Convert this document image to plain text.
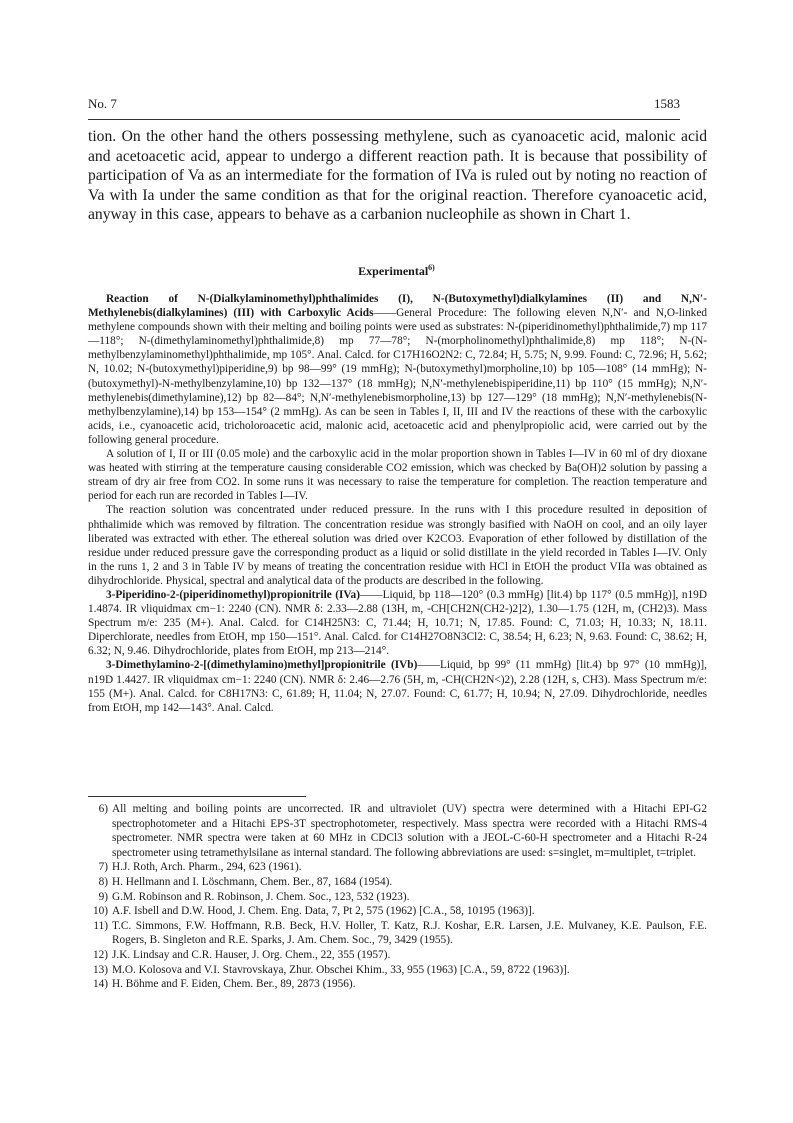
No. 7	1583

tion. On the other hand the others possessing methylene, such as cyanoacetic acid, malonic acid and acetoacetic acid, appear to undergo a different reaction path. It is because that possibility of participation of Va as an intermediate for the formation of IVa is ruled out by noting no reaction of Va with Ia under the same condition as that for the original reaction. Therefore cyanoacetic acid, anyway in this case, appears to behave as a carbanion nucleophile as shown in Chart 1.

Experimental$^{6)}$

Reaction of N-(Dialkylaminomethyl)phthalimides (I), N-(Butoxymethyl)dialkylamines (II) and N,N′-Methylenebis(dialkylamines) (III) with Carboxylic Acids——General Procedure: The following eleven N,N′- and N,O-linked methylene compounds shown with their melting and boiling points were used as substrates: N-(piperidinomethyl)phthalimide,7) mp 117—118°; N-(dimethylaminomethyl)phthalimide,8) mp 77—78°; N-(morpholinomethyl)phthalimide,8) mp 118°; N-(N-methylbenzylaminomethyl)phthalimide, mp 105°. Anal. Calcd. for C17H16O2N2: C, 72.84; H, 5.75; N, 9.99. Found: C, 72.96; H, 5.62; N, 10.02; N-(butoxymethyl)piperidine,9) bp 98—99° (19 mmHg); N-(butoxymethyl)morpholine,10) bp 105—108° (14 mmHg); N-(butoxymethyl)-N-methylbenzylamine,10) bp 132—137° (18 mmHg); N,N′-methylenebispiperidine,11) bp 110° (15 mmHg); N,N′-methylenebis(dimethylamine),12) bp 82—84°; N,N′-methylenebismorpholine,13) bp 127—129° (18 mmHg); N,N′-methylenebis(N-methylbenzylamine),14) bp 153—154° (2 mmHg). As can be seen in Tables I, II, III and IV the reactions of these with the carboxylic acids, i.e., cyanoacetic acid, tricholoroacetic acid, malonic acid, acetoacetic acid and phenylpropiolic acid, were carried out by the following general procedure.

A solution of I, II or III (0.05 mole) and the carboxylic acid in the molar proportion shown in Tables I—IV in 60 ml of dry dioxane was heated with stirring at the temperature causing considerable CO2 emission, which was checked by Ba(OH)2 solution by passing a stream of dry air free from CO2. In some runs it was necessary to raise the temperature for completion. The reaction temperature and period for each run are recorded in Tables I—IV.

The reaction solution was concentrated under reduced pressure. In the runs with I this procedure resulted in deposition of phthalimide which was removed by filtration. The concentration residue was strongly basified with NaOH on cool, and an oily layer liberated was extracted with ether. The ethereal solution was dried over K2CO3. Evaporation of ether followed by distillation of the residue under reduced pressure gave the corresponding product as a liquid or solid distillate in the yield recorded in Tables I—IV. Only in the runs 1, 2 and 3 in Table IV by means of treating the concentration residue with HCl in EtOH the product VIIa was obtained as dihydrochloride. Physical, spectral and analytical data of the products are described in the following.

3-Piperidino-2-(piperidinomethyl)propionitrile (IVa)——Liquid, bp 118—120° (0.3 mmHg) [lit.4) bp 117° (0.5 mmHg)], n19D 1.4874. IR νliquidmax cm−1: 2240 (CN). NMR δ: 2.33—2.88 (13H, m, -CH[CH2N(CH2-)2]2), 1.30—1.75 (12H, m, (CH2)3). Mass Spectrum m/e: 235 (M+). Anal. Calcd. for C14H25N3: C, 71.44; H, 10.71; N, 17.85. Found: C, 71.03; H, 10.33; N, 18.11. Diperchlorate, needles from EtOH, mp 150—151°. Anal. Calcd. for C14H27O8N3Cl2: C, 38.54; H, 6.23; N, 9.63. Found: C, 38.62; H, 6.32; N, 9.46. Dihydrochloride, plates from EtOH, mp 213—214°.

3-Dimethylamino-2-[(dimethylamino)methyl]propionitrile (IVb)——Liquid, bp 99° (11 mmHg) [lit.4) bp 97° (10 mmHg)], n19D 1.4427. IR νliquidmax cm−1: 2240 (CN). NMR δ: 2.46—2.76 (5H, m, -CH(CH2N<)2), 2.28 (12H, s, CH3). Mass Spectrum m/e: 155 (M+). Anal. Calcd. for C8H17N3: C, 61.89; H, 11.04; N, 27.07. Found: C, 61.77; H, 10.94; N, 27.09. Dihydrochloride, needles from EtOH, mp 142—143°. Anal. Calcd.

6) All melting and boiling points are uncorrected. IR and ultraviolet (UV) spectra were determined with a Hitachi EPI-G2 spectrophotometer and a Hitachi EPS-3T spectrophotometer, respectively. Mass spectra were recorded with a Hitachi RMS-4 spectrometer. NMR spectra were taken at 60 MHz in CDCl3 solution with a JEOL-C-60-H spectrometer and a Hitachi R-24 spectrometer using tetramethylsilane as internal standard. The following abbreviations are used: s=singlet, m=multiplet, t=triplet.
7) H.J. Roth, Arch. Pharm., 294, 623 (1961).
8) H. Hellmann and I. Löschmann, Chem. Ber., 87, 1684 (1954).
9) G.M. Robinson and R. Robinson, J. Chem. Soc., 123, 532 (1923).
10) A.F. Isbell and D.W. Hood, J. Chem. Eng. Data, 7, Pt 2, 575 (1962) [C.A., 58, 10195 (1963)].
11) T.C. Simmons, F.W. Hoffmann, R.B. Beck, H.V. Holler, T. Katz, R.J. Koshar, E.R. Larsen, J.E. Mulvaney, K.E. Paulson, F.E. Rogers, B. Singleton and R.E. Sparks, J. Am. Chem. Soc., 79, 3429 (1955).
12) J.K. Lindsay and C.R. Hauser, J. Org. Chem., 22, 355 (1957).
13) M.O. Kolosova and V.I. Stavrovskaya, Zhur. Obschei Khim., 33, 955 (1963) [C.A., 59, 8722 (1963)].
14) H. Böhme and F. Eiden, Chem. Ber., 89, 2873 (1956).
